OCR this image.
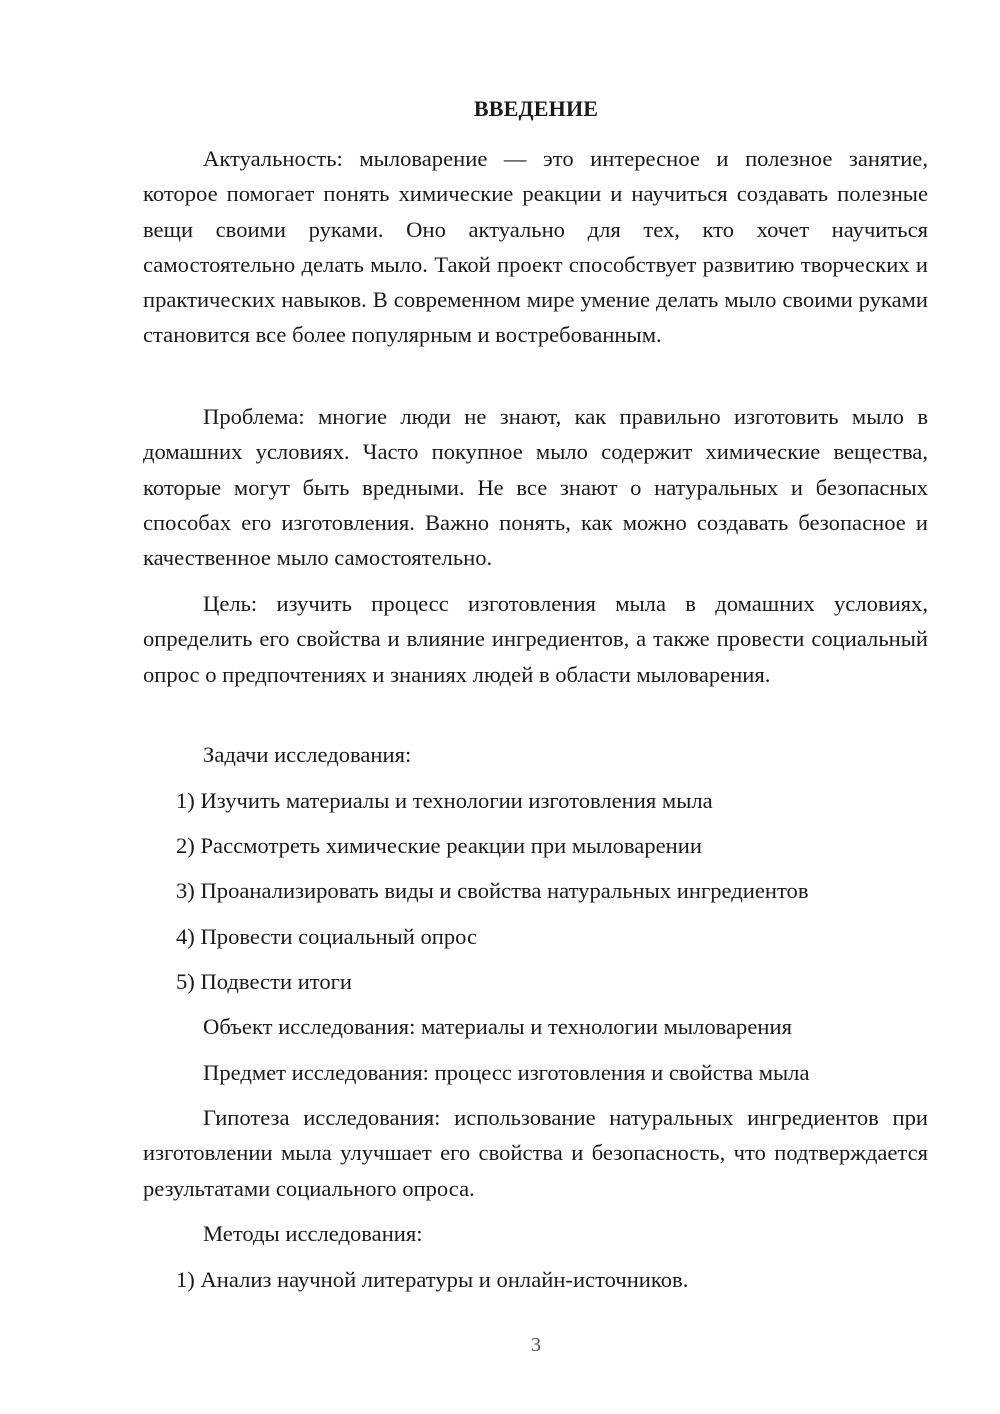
ВВЕДЕНИЕ

Актуальность: мыловарение — это интересное и полезное занятие, которое помогает понять химические реакции и научиться создавать полезные вещи своими руками. Оно актуально для тех, кто хочет научиться самостоятельно делать мыло. Такой проект способствует развитию творческих и практических навыков. В современном мире умение делать мыло своими руками становится все более популярным и востребованным.

Проблема: многие люди не знают, как правильно изготовить мыло в домашних условиях. Часто покупное мыло содержит химические вещества, которые могут быть вредными. Не все знают о натуральных и безопасных способах его изготовления. Важно понять, как можно создавать безопасное и качественное мыло самостоятельно.

Цель: изучить процесс изготовления мыла в домашних условиях, определить его свойства и влияние ингредиентов, а также провести социальный опрос о предпочтениях и знаниях людей в области мыловарения.

Задачи исследования:

1) Изучить материалы и технологии изготовления мыла

2) Рассмотреть химические реакции при мыловарении

3) Проанализировать виды и свойства натуральных ингредиентов

4) Провести социальный опрос

5) Подвести итоги

Объект исследования: материалы и технологии мыловарения

Предмет исследования: процесс изготовления и свойства мыла

Гипотеза исследования: использование натуральных ингредиентов при изготовлении мыла улучшает его свойства и безопасность, что подтверждается результатами социального опроса.

Методы исследования:

1) Анализ научной литературы и онлайн-источников.

3
